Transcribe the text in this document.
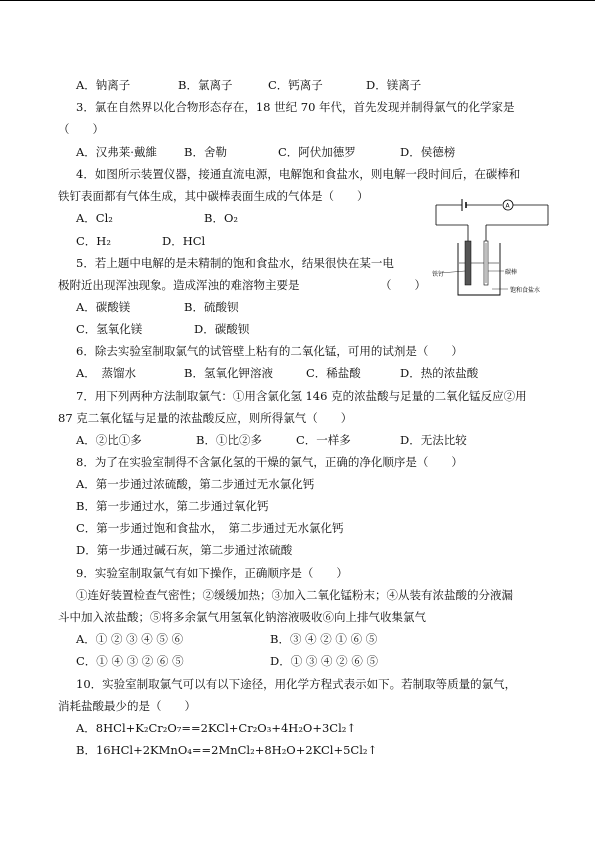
A．钠离子	B．氯离子	C．钙离子	D．镁离子
3．氯在自然界以化合物形态存在，18 世纪 70 年代，首先发现并制得氯气的化学家是
（　　）
A．汉弗莱·戴維 B．舍勒	C．阿伏加德罗	D．侯德榜
4．如图所示装置仪器，接通直流电源，电解饱和食盐水，则电解一段时间后，在碳棒和
铁钉表面都有气体生成，其中碳棒表面生成的气体是（　　）
A．Cl₂	B．O₂
C．H₂	D．HCl
A
铁钉	碳棒
饱和食盐水
5．若上题中电解的是未精制的饱和食盐水，结果很快在某一电
极附近出现浑浊现象。造成浑浊的难溶物主要是	（　　）
A．碳酸镁	B．硫酸钡
C．氢氧化镁	D．碳酸钡
6．除去实验室制取氯气的试管壁上粘有的二氧化锰，可用的试剂是（　　）
A．　蒸馏水	B．氢氧化钾溶液	C．稀盐酸	D．热的浓盐酸
7．用下列两种方法制取氯气：①用含氯化氢 146 克的浓盐酸与足量的二氧化锰反应②用
87 克二氧化锰与足量的浓盐酸反应，则所得氯气（　　）
A．②比①多	B．①比②多	C．一样多	D．无法比较
8．为了在实验室制得不含氯化氢的干燥的氯气，正确的净化顺序是（　　）
A．第一步通过浓硫酸，第二步通过无水氯化钙
B．第一步通过水，第二步通过氧化钙
C．第一步通过饱和食盐水，　第二步通过无水氯化钙
D．第一步通过碱石灰，第二步通过浓硫酸
9．实验室制取氯气有如下操作，正确顺序是（　　）
①连好装置检查气密性；②缓缓加热；③加入二氧化锰粉末；④从装有浓盐酸的分液漏
斗中加入浓盐酸；⑤将多余氯气用氢氧化钠溶液吸收⑥向上排气收集氯气
A．① ② ③ ④ ⑤ ⑥	B．③ ④ ② ① ⑥ ⑤
C．① ④ ③ ② ⑥ ⑤	D．① ③ ④ ② ⑥ ⑤
10．实验室制取氯气可以有以下途径，用化学方程式表示如下。若制取等质量的氯气，
消耗盐酸最少的是（　　）
A．8HCl+K₂Cr₂O₇==2KCl+Cr₂O₃+4H₂O+3Cl₂↑
B．16HCl+2KMnO₄==2MnCl₂+8H₂O+2KCl+5Cl₂↑
